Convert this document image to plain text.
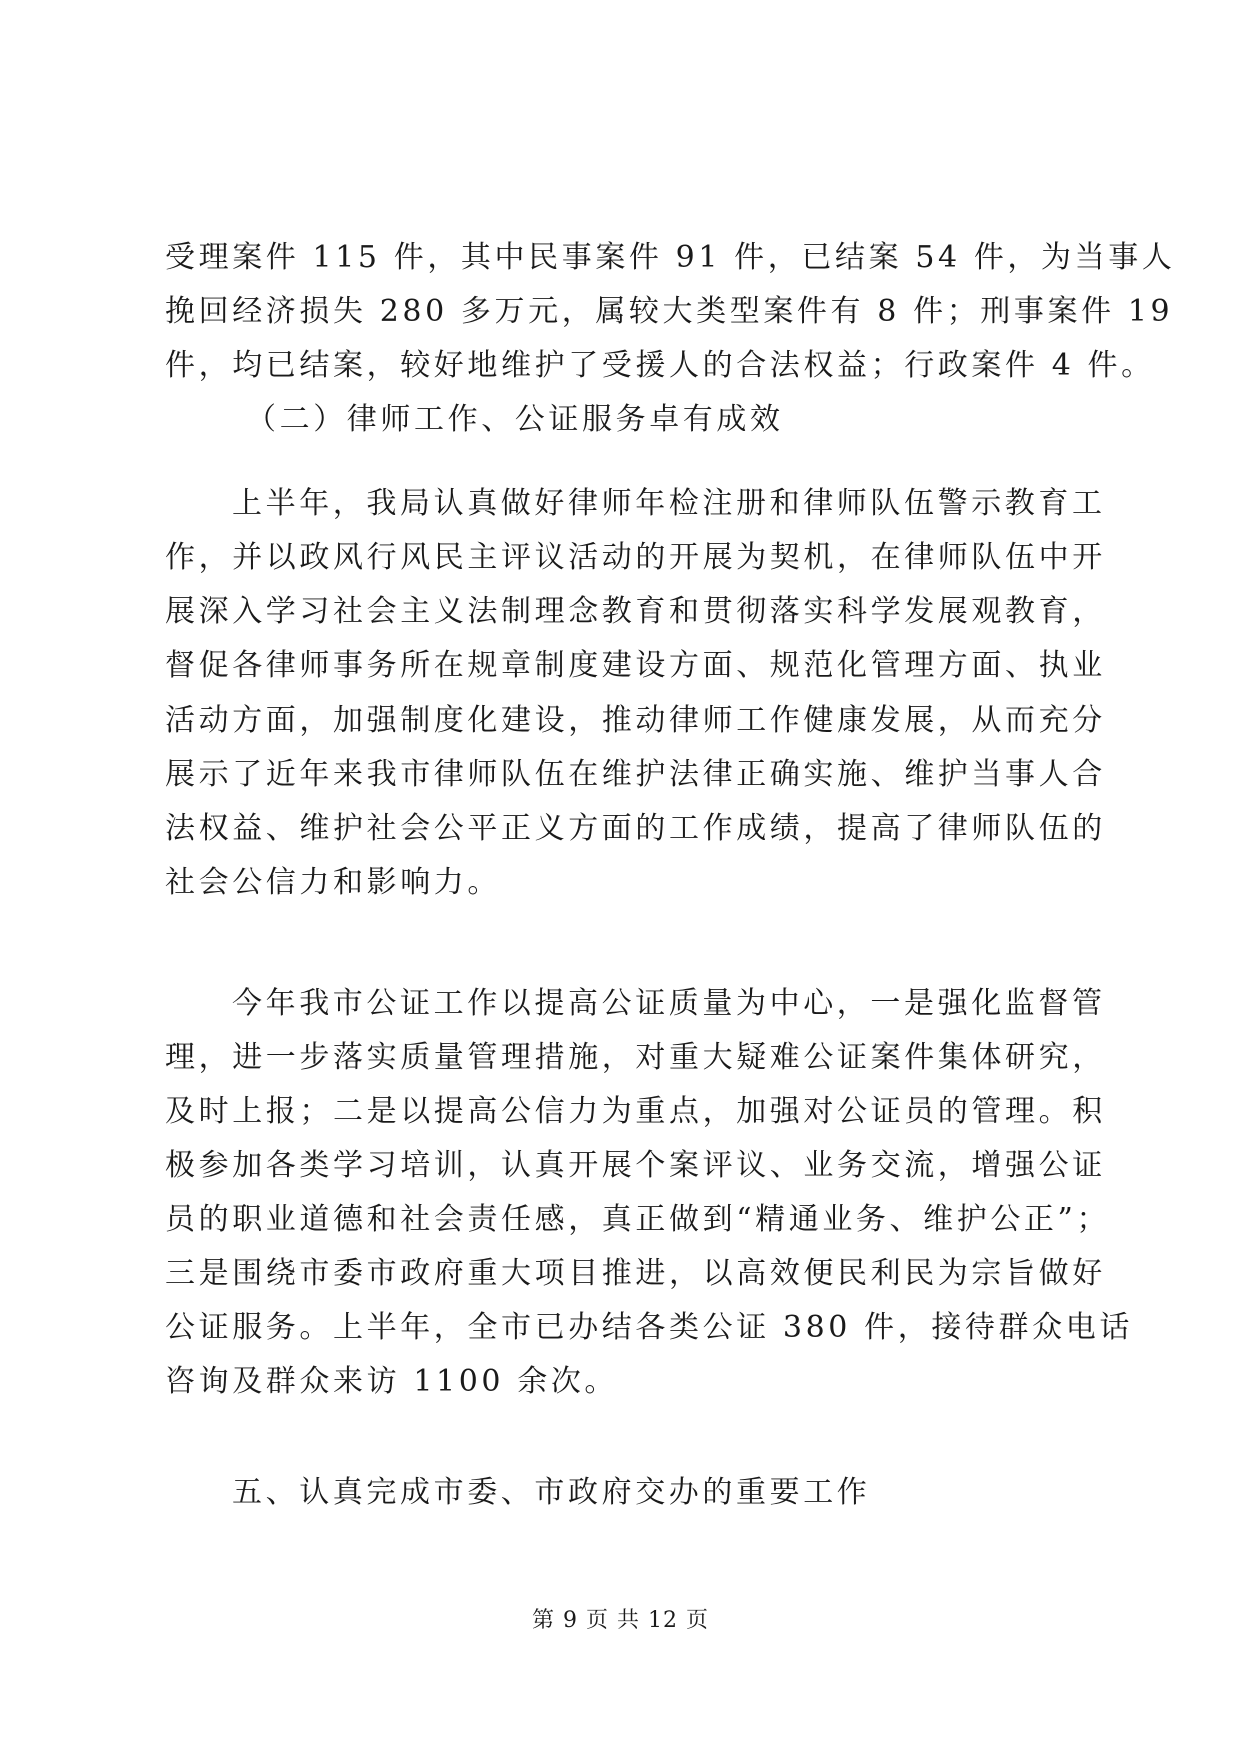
受理案件 115 件，其中民事案件 91 件，已结案 54 件，为当事人
挽回经济损失 280 多万元，属较大类型案件有 8 件；刑事案件 19
件，均已结案，较好地维护了受援人的合法权益；行政案件 4 件。
（二）律师工作、公证服务卓有成效
上半年，我局认真做好律师年检注册和律师队伍警示教育工
作，并以政风行风民主评议活动的开展为契机，在律师队伍中开
展深入学习社会主义法制理念教育和贯彻落实科学发展观教育，
督促各律师事务所在规章制度建设方面、规范化管理方面、执业
活动方面，加强制度化建设，推动律师工作健康发展，从而充分
展示了近年来我市律师队伍在维护法律正确实施、维护当事人合
法权益、维护社会公平正义方面的工作成绩，提高了律师队伍的
社会公信力和影响力。
今年我市公证工作以提高公证质量为中心，一是强化监督管
理，进一步落实质量管理措施，对重大疑难公证案件集体研究，
及时上报；二是以提高公信力为重点，加强对公证员的管理。积
极参加各类学习培训，认真开展个案评议、业务交流，增强公证
员的职业道德和社会责任感，真正做到“精通业务、维护公正”；
三是围绕市委市政府重大项目推进，以高效便民利民为宗旨做好
公证服务。上半年，全市已办结各类公证 380 件，接待群众电话
咨询及群众来访 1100 余次。
五、认真完成市委、市政府交办的重要工作
第 9 页 共 12 页
